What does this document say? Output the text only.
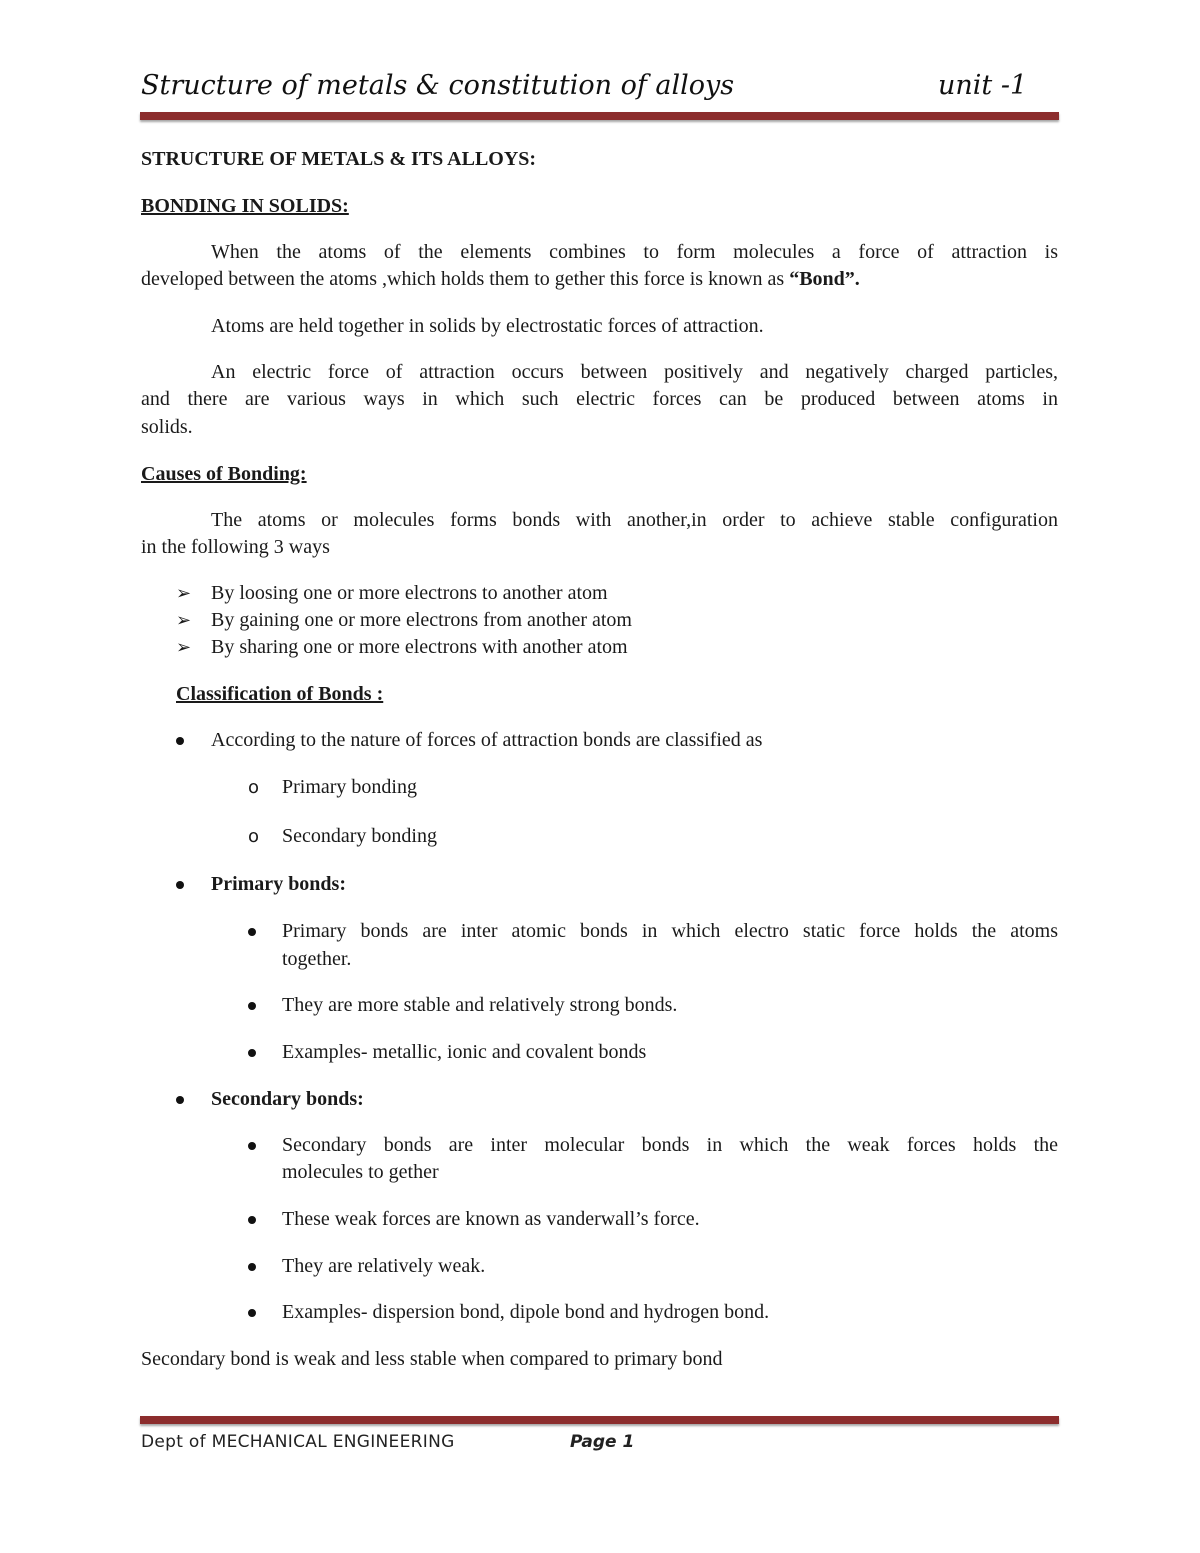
Structure of metals & constitution of alloys	unit -1
STRUCTURE OF METALS & ITS ALLOYS:
BONDING IN SOLIDS:
When the atoms of the elements combines to form molecules a force of attraction is
developed between the atoms ,which holds them to gether this force is known as “Bond”.
Atoms are held together in solids by electrostatic forces of attraction.
An electric force of attraction occurs between positively and negatively charged particles,
and there are various ways in which such electric forces can be produced between atoms in
solids.
Causes of Bonding:
The atoms or molecules forms bonds with another,in order to achieve stable configuration
in the following 3 ways
➢ By loosing one or more electrons to another atom
➢ By gaining one or more electrons from another atom
➢ By sharing one or more electrons with another atom
Classification of Bonds :
According to the nature of forces of attraction bonds are classified as
o Primary bonding
o Secondary bonding
Primary bonds:
Primary bonds are inter atomic bonds in which electro static force holds the atoms
together.
They are more stable and relatively strong bonds.
Examples- metallic, ionic and covalent bonds
Secondary bonds:
Secondary bonds are inter molecular bonds in which the weak forces holds the
molecules to gether
These weak forces are known as vanderwall’s force.
They are relatively weak.
Examples- dispersion bond, dipole bond and hydrogen bond.
Secondary bond is weak and less stable when compared to primary bond
Dept of MECHANICAL ENGINEERING	Page 1
